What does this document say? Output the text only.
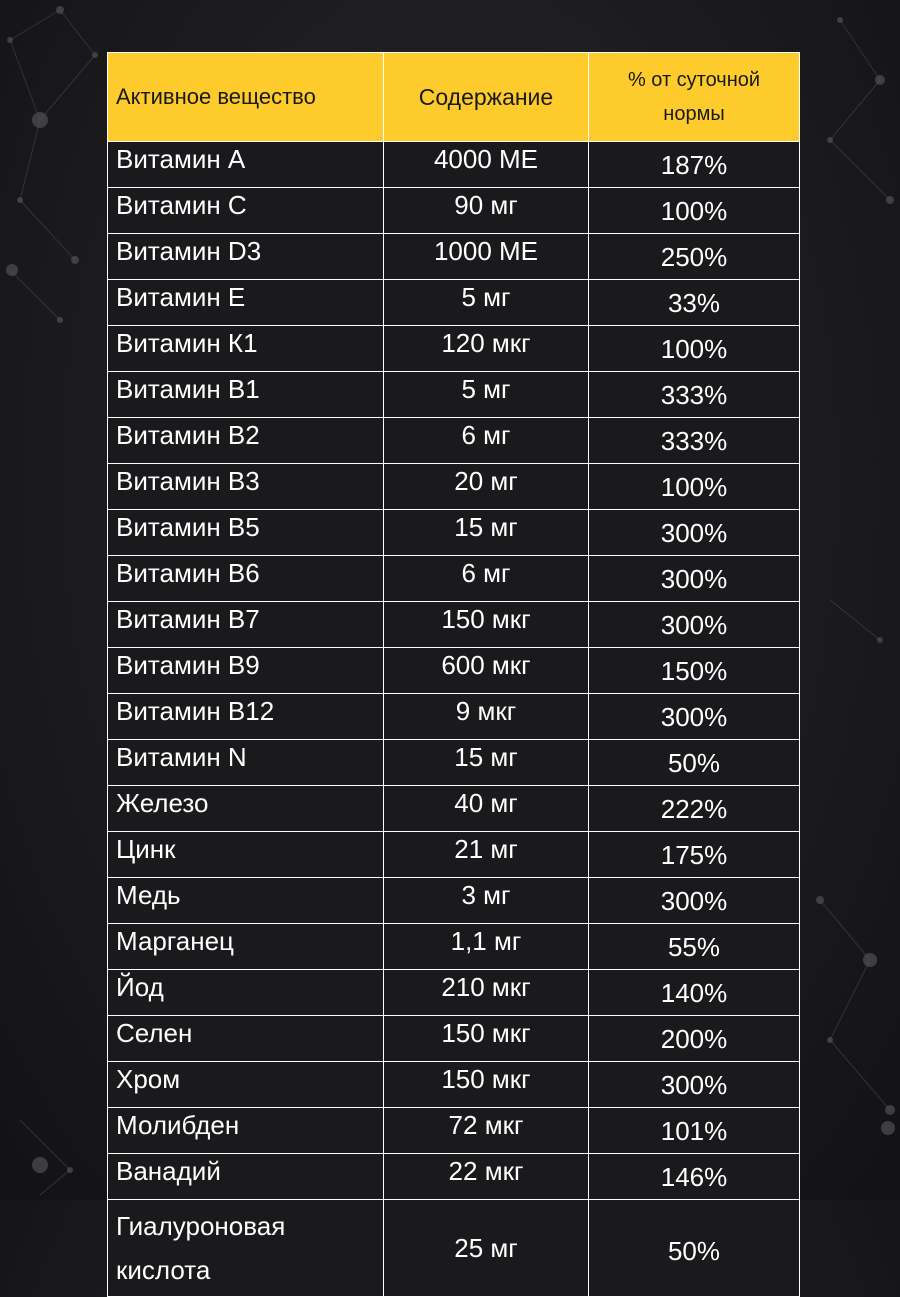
Активное вещество	Содержание	% от суточной
нормы
Витамин А	4000 МЕ	187%
Витамин С	90 мг	100%
Витамин D3	1000 МЕ	250%
Витамин Е	5 мг	33%
Витамин К1	120 мкг	100%
Витамин В1	5 мг	333%
Витамин В2	6 мг	333%
Витамин В3	20 мг	100%
Витамин В5	15 мг	300%
Витамин В6	6 мг	300%
Витамин В7	150 мкг	300%
Витамин В9	600 мкг	150%
Витамин В12	9 мкг	300%
Витамин N	15 мг	50%
Железо	40 мг	222%
Цинк	21 мг	175%
Медь	3 мг	300%
Марганец	1,1 мг	55%
Йод	210 мкг	140%
Селен	150 мкг	200%
Хром	150 мкг	300%
Молибден	72 мкг	101%
Ванадий	22 мкг	146%
Гиалуроновая
кислота	25 мг	50%
